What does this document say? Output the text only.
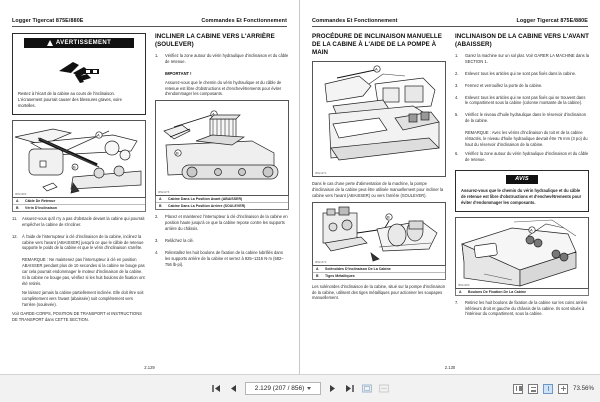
Logger Tigercat 875E/880E	Commandes Et Fonctionnement
AVERTISSEMENT
Restez à l'écart de la cabine au cours de l'inclinaison. L'écrasement pourrait causer des blessures graves, voire mortelles.
A
B
0PE1083
A	Câble De Retenue
B	Vérin D'inclinaison
11.	Assurez-vous qu'il n'y a pas d'obstacle devant la cabine qui pourrait empêcher la cabine de s'incliner.
12.	À l'aide de l'interrupteur à clé d'inclinaison de la cabine, inclinez la cabine vers l'avant (ABAISSER) jusqu'à ce que le câble de retenue supporte le poids de la cabine et que le vérin d'inclinaison s'arrête.
REMARQUE : Ne maintenez pas l'interrupteur à clé en position ABAISSER pendant plus de 10 secondes si la cabine ne bouge pas car cela pourrait endommager le moteur d'inclinaison de la cabine. Si la cabine ne bouge pas, vérifiez si les huit boulons de fixation ont été retirés.
Ne laissez jamais la cabine partiellement inclinée. Elle doit être soit complètement vers l'avant (abaissée) soit complètement vers l'arrière (soulevée).
Voir GARDE-CORPS, POSITION DE TRANSPORT et INSTRUCTIONS DE TRANSPORT dans CETTE SECTION.
INCLINER LA CABINE VERS L'ARRIÈRE (SOULEVER)
1.	Vérifiez la zone autour du vérin hydraulique d'inclinaison et du câble de retenue.
IMPORTANT !
Assurez-vous que le chemin du vérin hydraulique et du câble de retenue est libre d'obstructions et d'enchevêtrements pour éviter d'endommager les composants.
A
B
0PE1076
A	Cabine Dans La Position Avant (ABAISSER)
B	Cabine Dans La Position Arrière (SOULEVER)
2.	Placez et maintenez l'interrupteur à clé d'inclinaison de la cabine en position haute jusqu'à ce que la cabine repose contre les supports arrière du châssis.
3.	Relâchez la clé.
4.	Réinstallez les huit boulons de fixation de la cabine lubrifiés dans les supports arrière de la cabine et serrez à 925–1316 N·m (682–756 lb-pi).
2.129
Commandes Et Fonctionnement	Logger Tigercat 875E/880E
PROCÉDURE DE INCLINAISON MANUELLE DE LA CABINE À L'AIDE DE LA POMPE À MAIN
A
0PE1071
Dans le cas d'une perte d'alimentation de la machine, la pompe d'inclinaison de la cabine peut être utilisée manuellement pour incliner la cabine vers l'avant (ABAISSER) ou vers l'arrière (SOULEVER).
B
0PE1072
A	Solénoïdes D'Inclinaison De La Cabine
B	Tiges Métalliques
Les solénoïdes d'inclinaison de la cabine, situé sur la pompe d'inclinaison de la cabine, utilisent des tiges métalliques pour actionner les soupapes manuellement.
INCLINAISON DE LA CABINE VERS L'AVANT (ABAISSER)
1.	Garez la machine sur un sol plat. Voir GARER LA MACHINE dans la SECTION 1.
2.	Enlevez tous les articles qui ne sont pas fixés dans la cabine.
3.	Fermez et verrouillez la porte de la cabine.
4.	Enlevez tous les articles qui ne sont pas fixés qui se trouvent dans le compartiment sous la cabine (colonne montante de la cabine).
5.	Vérifiez le niveau d'huile hydraulique dans le réservoir d'inclinaison de la cabine.
REMARQUE : Avec les vérins d'inclinaison du toit et de la cabine rétractés, le niveau d'huile hydraulique devrait être 76 mm (3 po) du haut du réservoir d'inclinaison de la cabine.
6.	Vérifiez la zone autour du vérin hydraulique d'inclinaison et du câble de retenue.
AVIS
Assurez-vous que le chemin du vérin hydraulique et du câble de retenue est libre d'obstructions et d'enchevêtrements pour éviter d'endommager les composants.
A
0PE1080
A	Boulons De Fixation De La Cabine
7.	Retirez les huit boulons de fixation de la cabine sur les coins arrière inférieurs droit et gauche du châssis de la cabine. Ils sont situés à l'intérieur du compartiment, sous la cabine.
2.130
2.129 (207 / 856)	73.56%
